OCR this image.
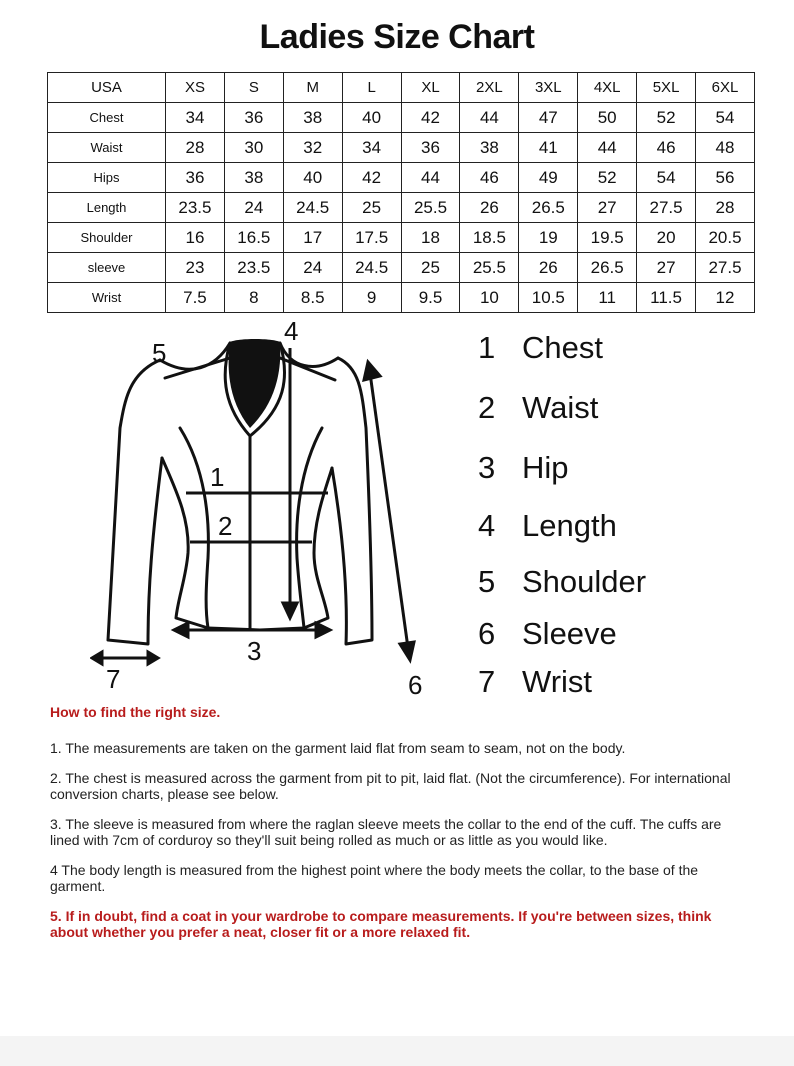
Ladies Size Chart
USA	XS	S	M	L	XL	2XL	3XL	4XL	5XL	6XL
Chest	34	36	38	40	42	44	47	50	52	54
Waist	28	30	32	34	36	38	41	44	46	48
Hips	36	38	40	42	44	46	49	52	54	56
Length	23.5	24	24.5	25	25.5	26	26.5	27	27.5	28
Shoulder	16	16.5	17	17.5	18	18.5	19	19.5	20	20.5
sleeve	23	23.5	24	24.5	25	25.5	26	26.5	27	27.5
Wrist	7.5	8	8.5	9	9.5	10	10.5	11	11.5	12
1
2
3
4
5
6
7
1 Chest
2 Waist
3 Hip
4 Length
5 Shoulder
6 Sleeve
7 Wrist
How to find the right size.
1. The measurements are taken on the garment laid flat from seam to seam, not on the body.
2. The chest is measured across the garment from pit to pit, laid flat. (Not the circumference). For international conversion charts, please see below.
3. The sleeve is measured from where the raglan sleeve meets the collar to the end of the cuff. The cuffs are lined with 7cm of corduroy so they'll suit being rolled as much or as little as you would like.
4 The body length is measured from the highest point where the body meets the collar, to the base of the garment.
5. If in doubt, find a coat in your wardrobe to compare measurements. If you're between sizes, think about whether you prefer a neat, closer fit or a more relaxed fit.
